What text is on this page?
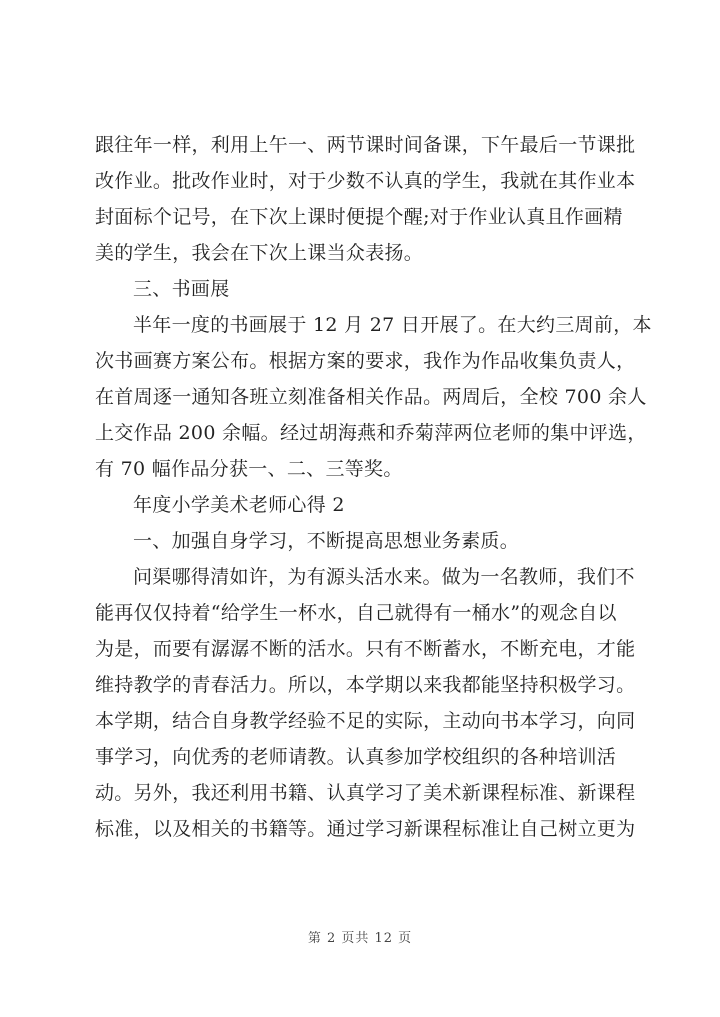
跟往年一样，利用上午一、两节课时间备课，下午最后一节课批
改作业。批改作业时，对于少数不认真的学生，我就在其作业本
封面标个记号，在下次上课时便提个醒;对于作业认真且作画精
美的学生，我会在下次上课当众表扬。
三、书画展
半年一度的书画展于 12 月 27 日开展了。在大约三周前，本
次书画赛方案公布。根据方案的要求，我作为作品收集负责人，
在首周逐一通知各班立刻准备相关作品。两周后，全校 700 余人
上交作品 200 余幅。经过胡海燕和乔菊萍两位老师的集中评选，
有 70 幅作品分获一、二、三等奖。
年度小学美术老师心得 2
一、加强自身学习，不断提高思想业务素质。
问渠哪得清如许，为有源头活水来。做为一名教师，我们不
能再仅仅持着“给学生一杯水，自己就得有一桶水”的观念自以
为是，而要有潺潺不断的活水。只有不断蓄水，不断充电，才能
维持教学的青春活力。所以，本学期以来我都能坚持积极学习。
本学期，结合自身教学经验不足的实际，主动向书本学习，向同
事学习，向优秀的老师请教。认真参加学校组织的各种培训活
动。另外，我还利用书籍、认真学习了美术新课程标准、新课程
标准，以及相关的书籍等。通过学习新课程标准让自己树立更为
第 2 页共 12 页
